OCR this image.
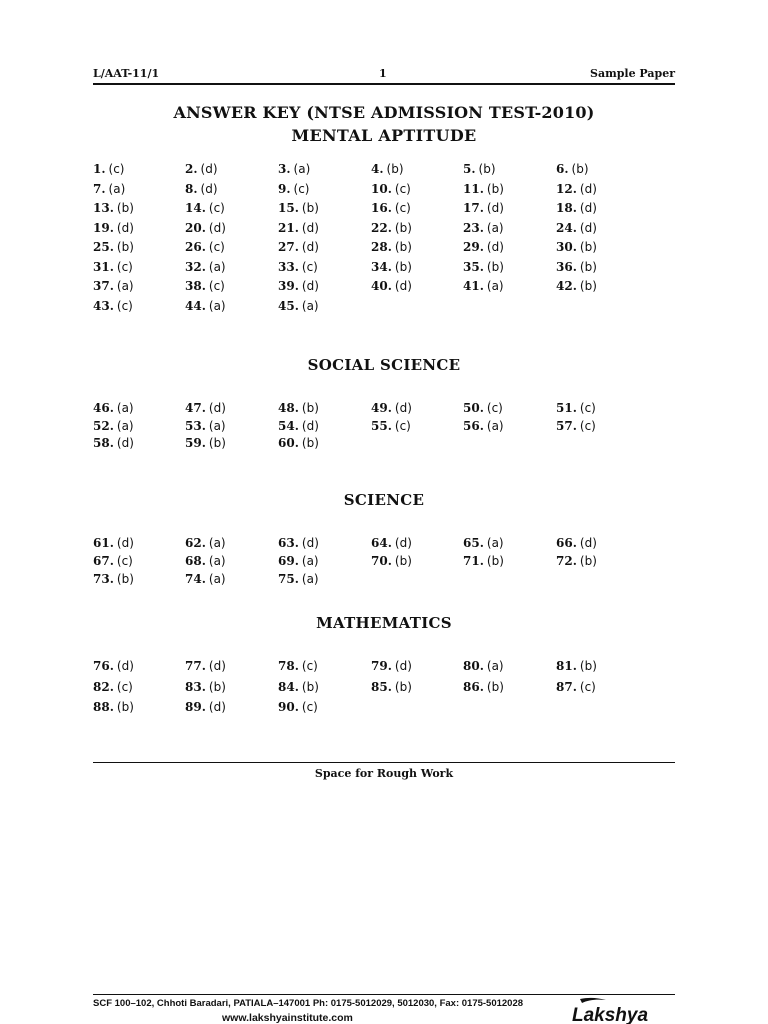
L/AAT-11/1	1	Sample Paper
ANSWER KEY (NTSE ADMISSION TEST-2010)
MENTAL APTITUDE
1. (c)	2. (d)	3. (a)	4. (b)	5. (b)	6. (b)
7. (a)	8. (d)	9. (c)	10. (c)	11. (b)	12. (d)
13. (b)	14. (c)	15. (b)	16. (c)	17. (d)	18. (d)
19. (d)	20. (d)	21. (d)	22. (b)	23. (a)	24. (d)
25. (b)	26. (c)	27. (d)	28. (b)	29. (d)	30. (b)
31. (c)	32. (a)	33. (c)	34. (b)	35. (b)	36. (b)
37. (a)	38. (c)	39. (d)	40. (d)	41. (a)	42. (b)
43. (c)	44. (a)	45. (a)
SOCIAL SCIENCE
46. (a)	47. (d)	48. (b)	49. (d)	50. (c)	51. (c)
52. (a)	53. (a)	54. (d)	55. (c)	56. (a)	57. (c)
58. (d)	59. (b)	60. (b)
SCIENCE
61. (d)	62. (a)	63. (d)	64. (d)	65. (a)	66. (d)
67. (c)	68. (a)	69. (a)	70. (b)	71. (b)	72. (b)
73. (b)	74. (a)	75. (a)
MATHEMATICS
76. (d)	77. (d)	78. (c)	79. (d)	80. (a)	81. (b)
82. (c)	83. (b)	84. (b)	85. (b)	86. (b)	87. (c)
88. (b)	89. (d)	90. (c)
Space for Rough Work
SCF 100–102, Chhoti Baradari, PATIALA–147001 Ph: 0175-5012029, 5012030, Fax: 0175-5012028
www.lakshyainstitute.com	Lakshya
